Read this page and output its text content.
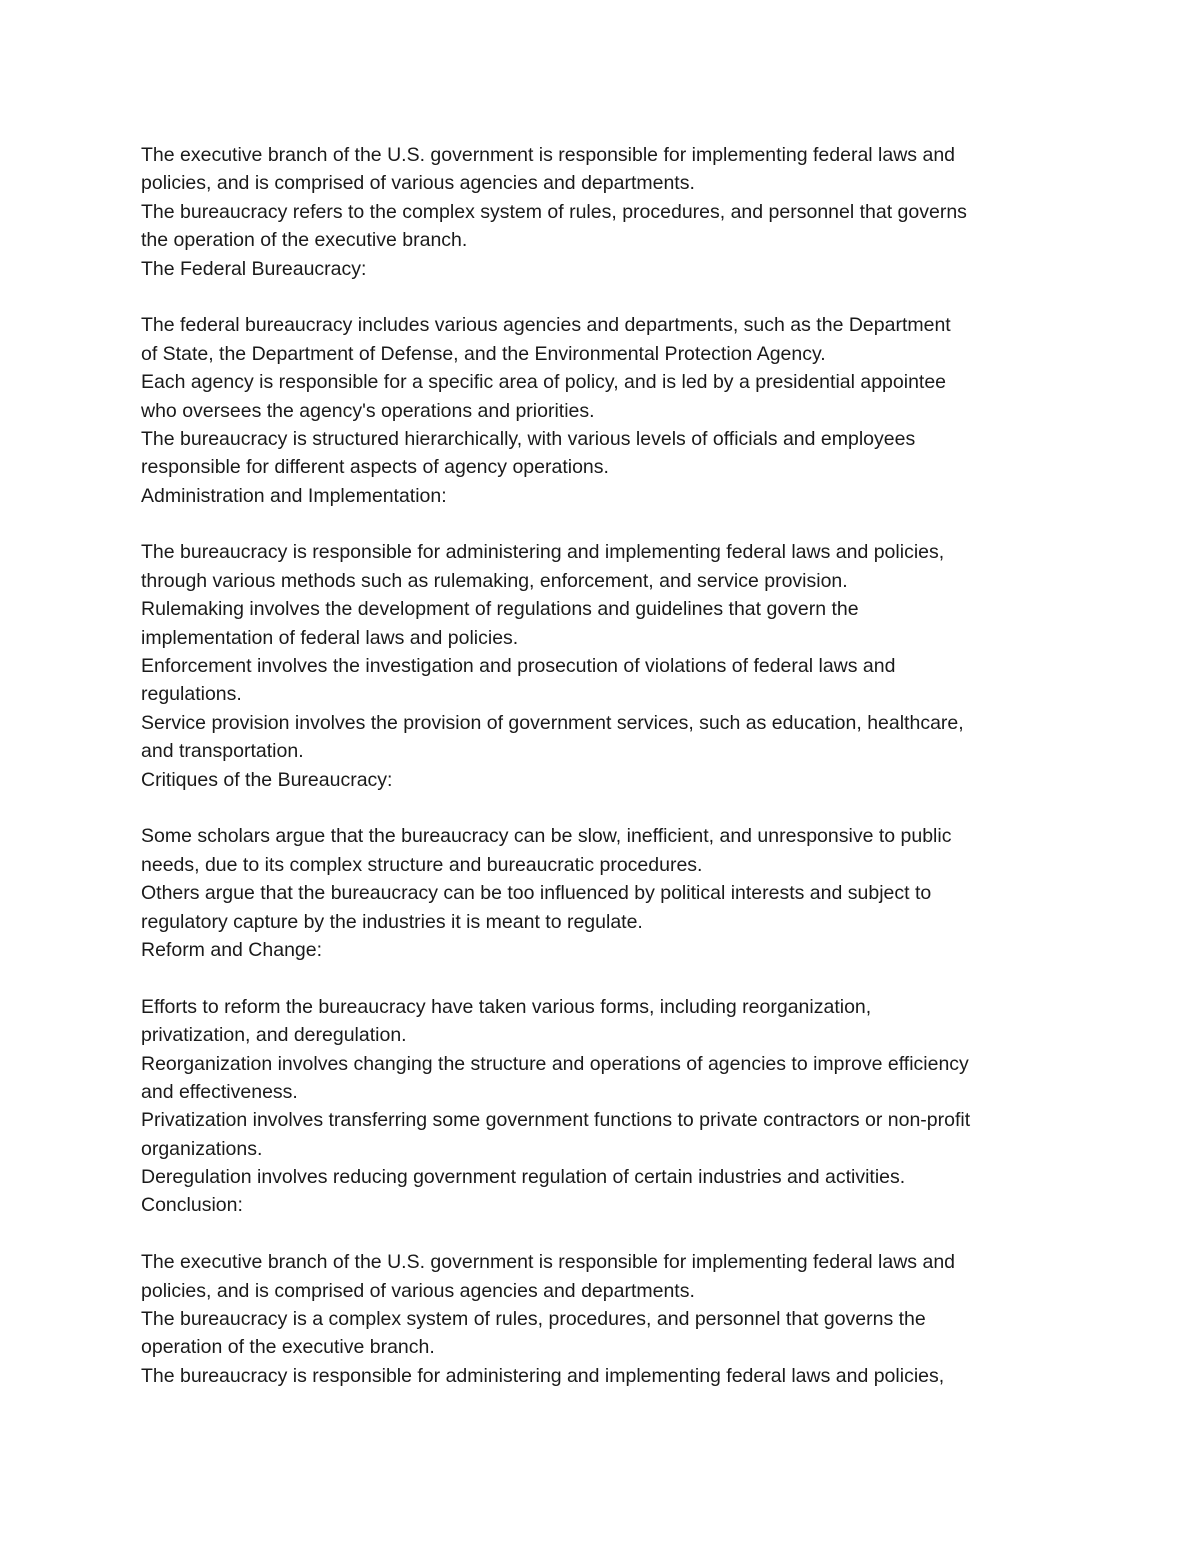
The executive branch of the U.S. government is responsible for implementing federal laws and
policies, and is comprised of various agencies and departments.
The bureaucracy refers to the complex system of rules, procedures, and personnel that governs
the operation of the executive branch.
The Federal Bureaucracy:
The federal bureaucracy includes various agencies and departments, such as the Department
of State, the Department of Defense, and the Environmental Protection Agency.
Each agency is responsible for a specific area of policy, and is led by a presidential appointee
who oversees the agency's operations and priorities.
The bureaucracy is structured hierarchically, with various levels of officials and employees
responsible for different aspects of agency operations.
Administration and Implementation:
The bureaucracy is responsible for administering and implementing federal laws and policies,
through various methods such as rulemaking, enforcement, and service provision.
Rulemaking involves the development of regulations and guidelines that govern the
implementation of federal laws and policies.
Enforcement involves the investigation and prosecution of violations of federal laws and
regulations.
Service provision involves the provision of government services, such as education, healthcare,
and transportation.
Critiques of the Bureaucracy:
Some scholars argue that the bureaucracy can be slow, inefficient, and unresponsive to public
needs, due to its complex structure and bureaucratic procedures.
Others argue that the bureaucracy can be too influenced by political interests and subject to
regulatory capture by the industries it is meant to regulate.
Reform and Change:
Efforts to reform the bureaucracy have taken various forms, including reorganization,
privatization, and deregulation.
Reorganization involves changing the structure and operations of agencies to improve efficiency
and effectiveness.
Privatization involves transferring some government functions to private contractors or non-profit
organizations.
Deregulation involves reducing government regulation of certain industries and activities.
Conclusion:
The executive branch of the U.S. government is responsible for implementing federal laws and
policies, and is comprised of various agencies and departments.
The bureaucracy is a complex system of rules, procedures, and personnel that governs the
operation of the executive branch.
The bureaucracy is responsible for administering and implementing federal laws and policies,
